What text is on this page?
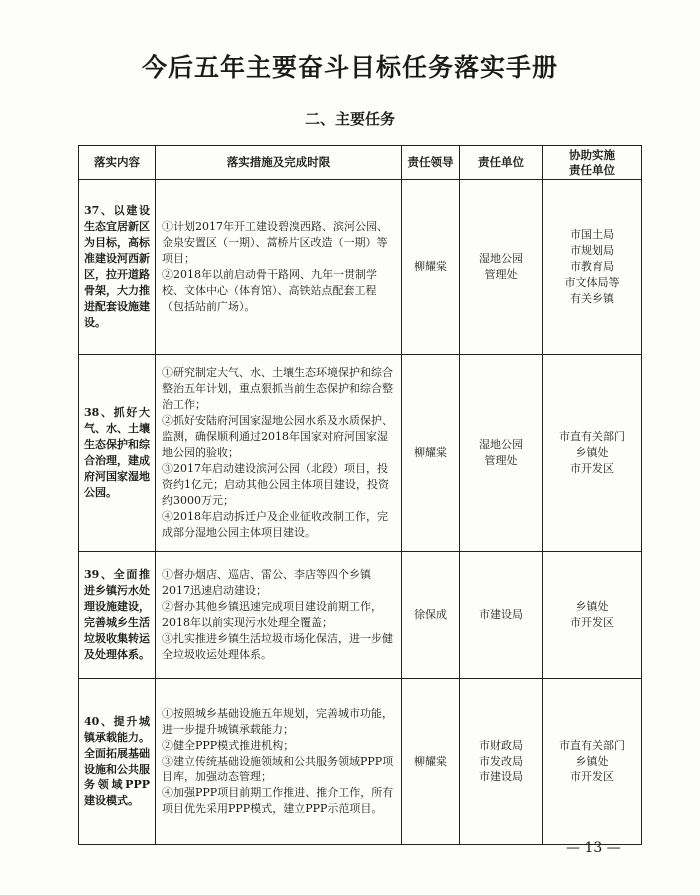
今后五年主要奋斗目标任务落实手册
二、主要任务
落实内容	落实措施及完成时限	责任领导	责任单位	协助实施
责任单位
37、以建设生态宜居新区为目标，高标准建设河西新区，拉开道路骨架，大力推进配套设施建设。	①计划2017年开工建设碧溴西路、滨河公园、金泉安置区（一期）、蒿桥片区改造（一期）等项目；
②2018年以前启动骨干路网、九年一贯制学校、文体中心（体育馆）、高铁站点配套工程（包括站前广场）。	柳耀棠	湿地公园
管理处	市国土局
市规划局
市教育局
市文体局等
有关乡镇

38、抓好大气、水、土壤生态保护和综合治理，建成府河国家湿地公园。	①研究制定大气、水、土壤生态环境保护和综合整治五年计划，重点狠抓当前生态保护和综合整治工作；
②抓好安陆府河国家湿地公园水系及水质保护、监测，确保顺利通过2018年国家对府河国家湿地公园的验收；
③2017年启动建设滨河公园（北段）项目，投资约1亿元；启动其他公园主体项目建设，投资约3000万元；
④2018年启动拆迁户及企业征收改制工作，完成部分湿地公园主体项目建设。	柳耀棠	湿地公园
管理处	市直有关部门
乡镇处
市开发区

39、全面推进乡镇污水处理设施建设，完善城乡生活垃圾收集转运及处理体系。	①督办烟店、巡店、雷公、李店等四个乡镇2017迅速启动建设；
②督办其他乡镇迅速完成项目建设前期工作，2018年以前实现污水处理全覆盖；
③扎实推进乡镇生活垃圾市场化保洁，进一步健全垃圾收运处理体系。	徐保成	市建设局	乡镇处
市开发区

40、提升城镇承载能力。全面拓展基础设施和公共服务领域PPP建设模式。	①按照城乡基础设施五年规划，完善城市功能，进一步提升城镇承载能力；
②健全PPP模式推进机构；
③建立传统基础设施领域和公共服务领域PPP项目库，加强动态管理；
④加强PPP项目前期工作推进、推介工作，所有项目优先采用PPP模式，建立PPP示范项目。	柳耀棠	市财政局
市发改局
市建设局	市直有关部门
乡镇处
市开发区
— 13 —
